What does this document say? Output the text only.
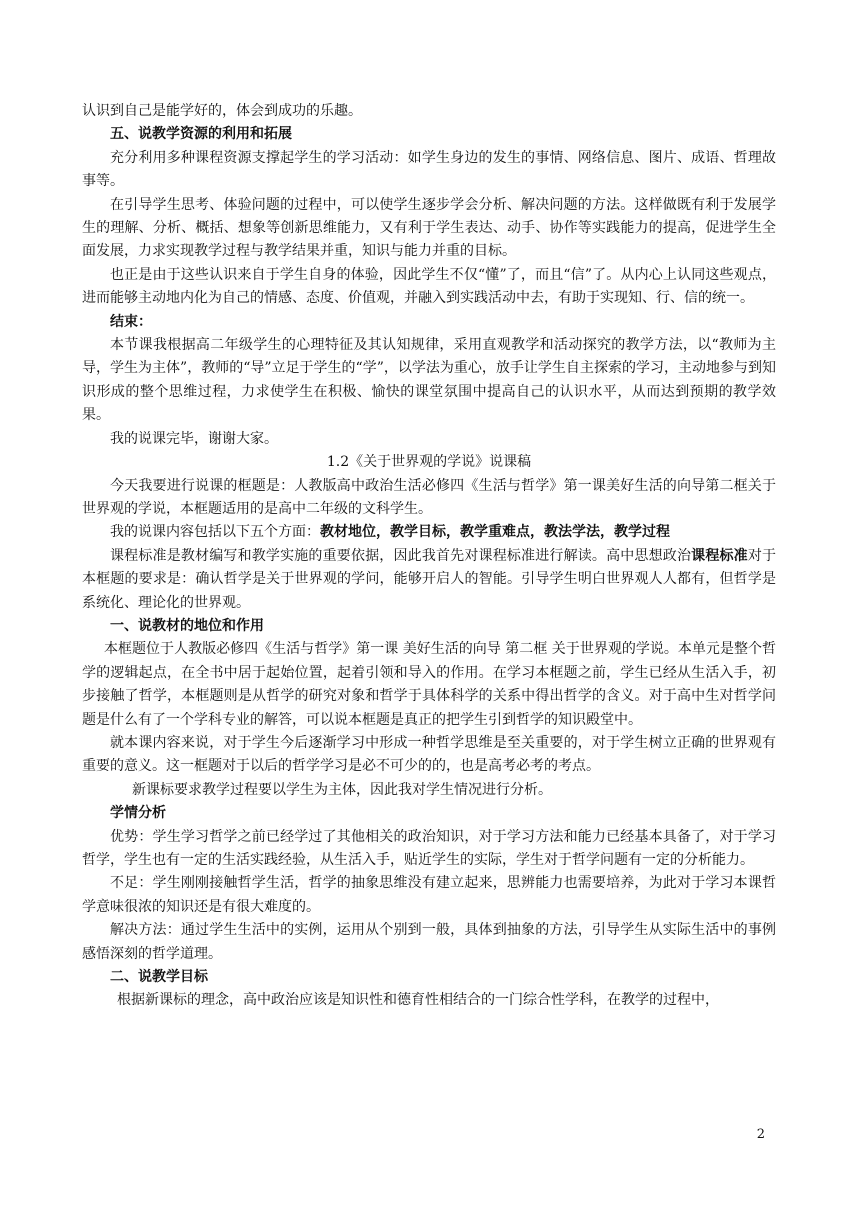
认识到自己是能学好的，体会到成功的乐趣。

五、说教学资源的利用和拓展

充分利用多种课程资源支撑起学生的学习活动：如学生身边的发生的事情、网络信息、图片、成语、哲理故事等。

在引导学生思考、体验问题的过程中，可以使学生逐步学会分析、解决问题的方法。这样做既有利于发展学生的理解、分析、概括、想象等创新思维能力，又有利于学生表达、动手、协作等实践能力的提高，促进学生全面发展，力求实现教学过程与教学结果并重，知识与能力并重的目标。

也正是由于这些认识来自于学生自身的体验，因此学生不仅“懂”了，而且“信”了。从内心上认同这些观点，进而能够主动地内化为自己的情感、态度、价值观，并融入到实践活动中去，有助于实现知、行、信的统一。

结束：

本节课我根据高二年级学生的心理特征及其认知规律，采用直观教学和活动探究的教学方法，以“教师为主导，学生为主体”，教师的“导”立足于学生的“学”，以学法为重心，放手让学生自主探索的学习，主动地参与到知识形成的整个思维过程，力求使学生在积极、愉快的课堂氛围中提高自己的认识水平，从而达到预期的教学效果。

我的说课完毕，谢谢大家。

1.2《关于世界观的学说》说课稿

今天我要进行说课的框题是：人教版高中政治生活必修四《生活与哲学》第一课美好生活的向导第二框关于世界观的学说，本框题适用的是高中二年级的文科学生。

我的说课内容包括以下五个方面：教材地位，教学目标，教学重难点，教法学法，教学过程

课程标准是教材编写和教学实施的重要依据，因此我首先对课程标准进行解读。高中思想政治课程标准对于本框题的要求是：确认哲学是关于世界观的学问，能够开启人的智能。引导学生明白世界观人人都有，但哲学是系统化、理论化的世界观。

一、说教材的地位和作用

本框题位于人教版必修四《生活与哲学》第一课 美好生活的向导 第二框 关于世界观的学说。本单元是整个哲学的逻辑起点，在全书中居于起始位置，起着引领和导入的作用。在学习本框题之前，学生已经从生活入手，初步接触了哲学，本框题则是从哲学的研究对象和哲学于具体科学的关系中得出哲学的含义。对于高中生对哲学问题是什么有了一个学科专业的解答，可以说本框题是真正的把学生引到哲学的知识殿堂中。

就本课内容来说，对于学生今后逐渐学习中形成一种哲学思维是至关重要的，对于学生树立正确的世界观有重要的意义。这一框题对于以后的哲学学习是必不可少的的，也是高考必考的考点。

新课标要求教学过程要以学生为主体，因此我对学生情况进行分析。

学情分析

优势：学生学习哲学之前已经学过了其他相关的政治知识，对于学习方法和能力已经基本具备了，对于学习哲学，学生也有一定的生活实践经验，从生活入手，贴近学生的实际，学生对于哲学问题有一定的分析能力。

不足：学生刚刚接触哲学生活，哲学的抽象思维没有建立起来，思辨能力也需要培养，为此对于学习本课哲学意味很浓的知识还是有很大难度的。

解决方法：通过学生生活中的实例，运用从个别到一般，具体到抽象的方法，引导学生从实际生活中的事例感悟深刻的哲学道理。

二、说教学目标

根据新课标的理念，高中政治应该是知识性和德育性相结合的一门综合性学科，在教学的过程中，

2
